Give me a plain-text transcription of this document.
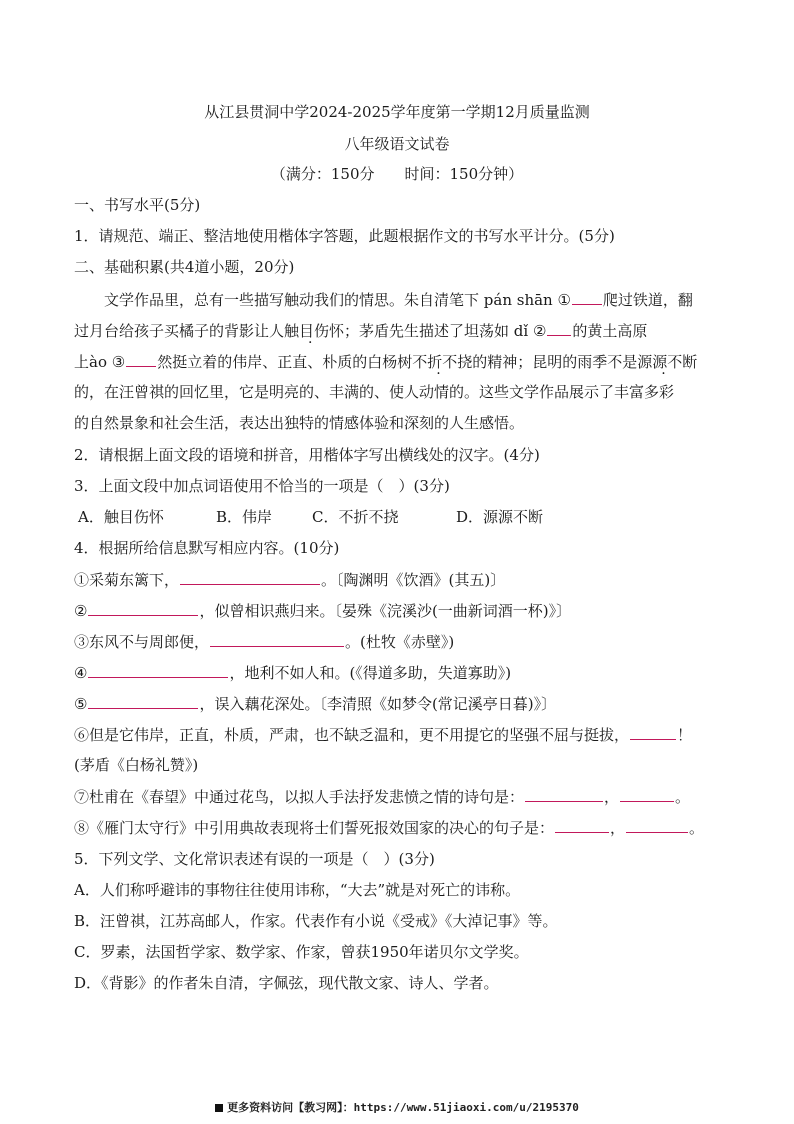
从江县贯洞中学2024-2025学年度第一学期12月质量监测
八年级语文试卷
（满分：150分　　时间：150分钟）
一、书写水平(5分)
1．请规范、端正、整洁地使用楷体字答题，此题根据作文的书写水平计分。(5分)
二、基础积累(共4道小题，20分)
文学作品里，总有一些描写触动我们的情思。朱自清笔下 pán shān ① 爬过铁道，翻
过月台给孩子买橘子的背影让人触目伤怀；茅盾先生描述了坦荡如 dǐ ② 的黄土高原
上ào ③ 然挺立着的伟岸、正直、朴质的白杨树不折不挠的精神；昆明的雨季不是源源不断
的，在汪曾祺的回忆里，它是明亮的、丰满的、使人动情的。这些文学作品展示了丰富多彩
的自然景象和社会生活，表达出独特的情感体验和深刻的人生感悟。
2．请根据上面文段的语境和拼音，用楷体字写出横线处的汉字。(4分)
3．上面文段中加点词语使用不恰当的一项是（　）(3分)
A．触目伤怀	B．伟岸	C．不折不挠	D．源源不断
4．根据所给信息默写相应内容。(10分)
①采菊东篱下，	。〔陶渊明《饮酒》(其五)〕
②	，似曾相识燕归来。〔晏殊《浣溪沙(一曲新词酒一杯)》〕
③东风不与周郎便，	。(杜牧《赤壁》)
④	，地利不如人和。(《得道多助，失道寡助》)
⑤	，误入藕花深处。〔李清照《如梦令(常记溪亭日暮)》〕
⑥但是它伟岸，正直，朴质，严肃，也不缺乏温和，更不用提它的坚强不屈与挺拔，	！
(茅盾《白杨礼赞》)
⑦杜甫在《春望》中通过花鸟，以拟人手法抒发悲愤之情的诗句是：	，	。
⑧《雁门太守行》中引用典故表现将士们誓死报效国家的决心的句子是：	，	。
5．下列文学、文化常识表述有误的一项是（　）(3分)
A．人们称呼避讳的事物往往使用讳称，“大去”就是对死亡的讳称。
B．汪曾祺，江苏高邮人，作家。代表作有小说《受戒》《大淖记事》等。
C．罗素，法国哲学家、数学家、作家，曾获1950年诺贝尔文学奖。
D．《背影》的作者朱自清，字佩弦，现代散文家、诗人、学者。
更多资料访问【教习网】：https://www.51jiaoxi.com/u/2195370
